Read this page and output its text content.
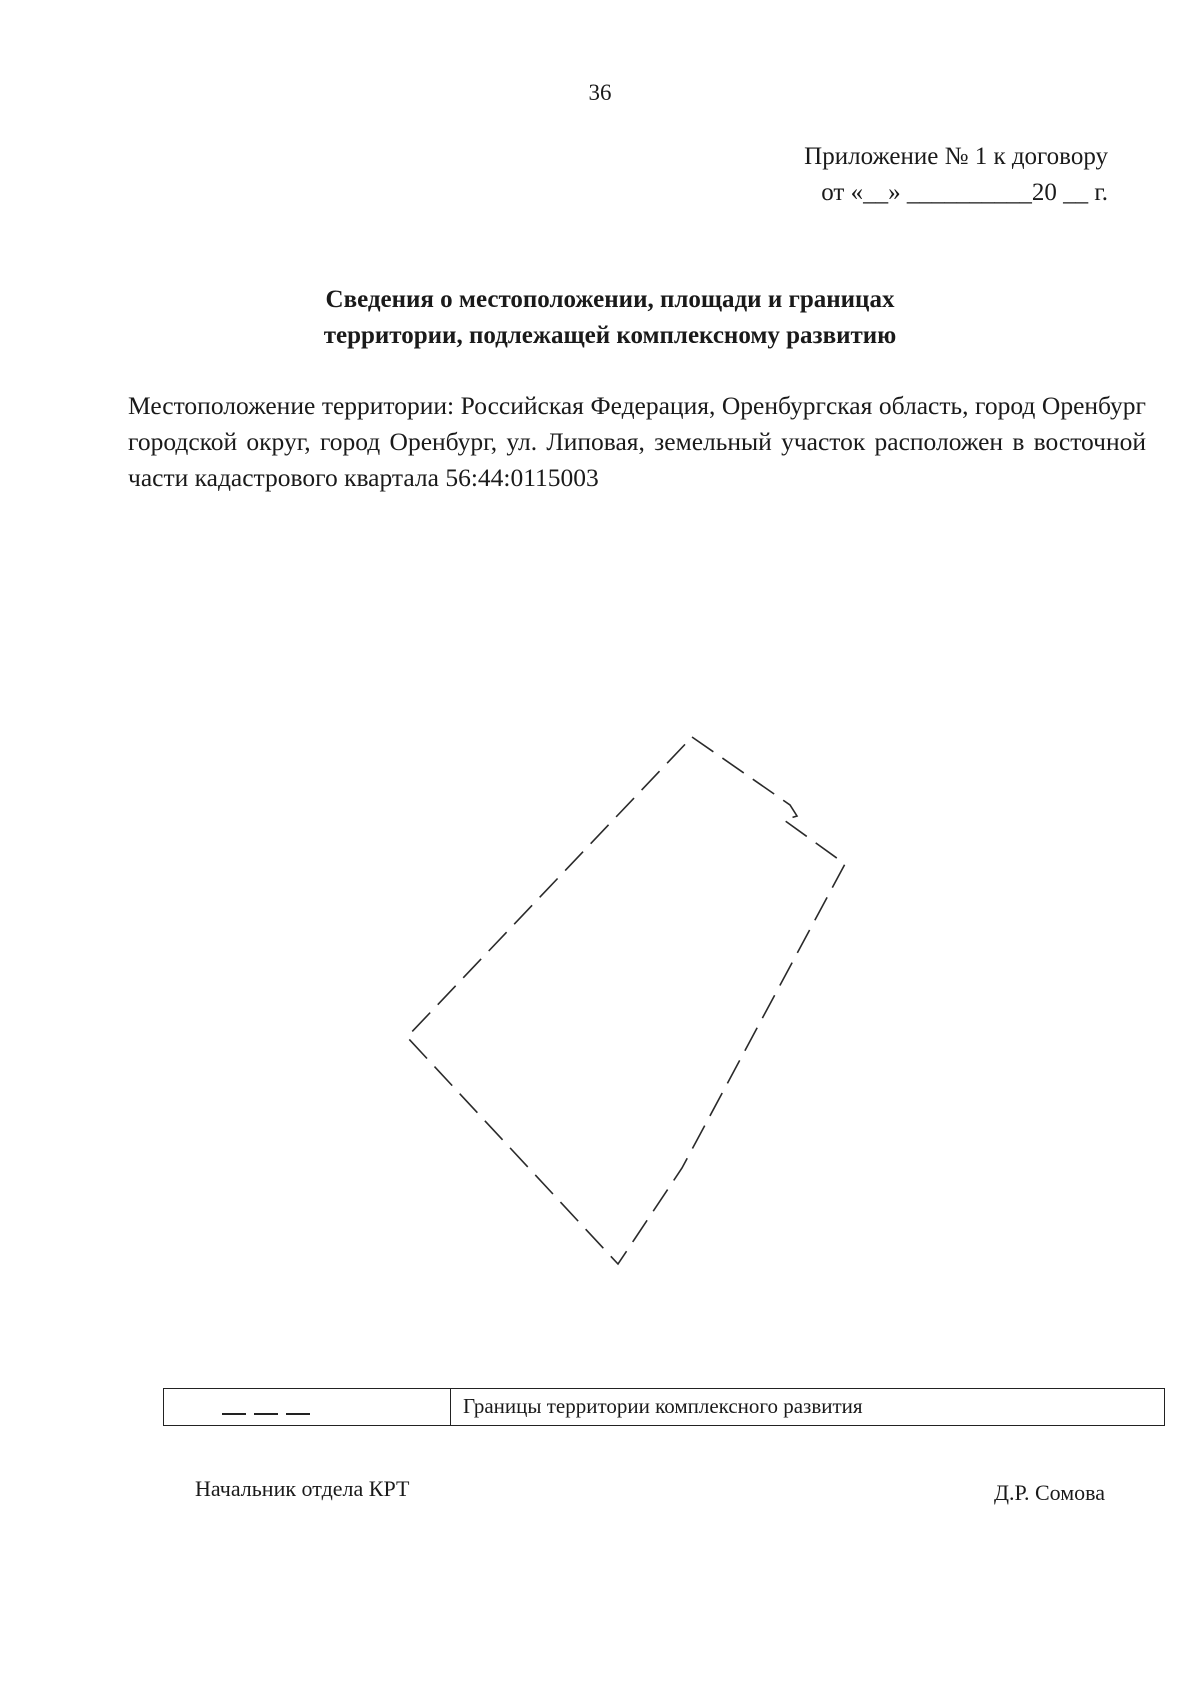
36
Приложение № 1 к договору
от «__» __________20 __ г.
Сведения о местоположении, площади и границах
территории, подлежащей комплексному развитию
Местоположение территории: Российская Федерация, Оренбургская область, город Оренбург городской округ, город Оренбург, ул. Липовая, земельный участок расположен в восточной части кадастрового квартала 56:44:0115003
Границы территории комплексного развития
Начальник отдела КРТ	Д.Р. Сомова
